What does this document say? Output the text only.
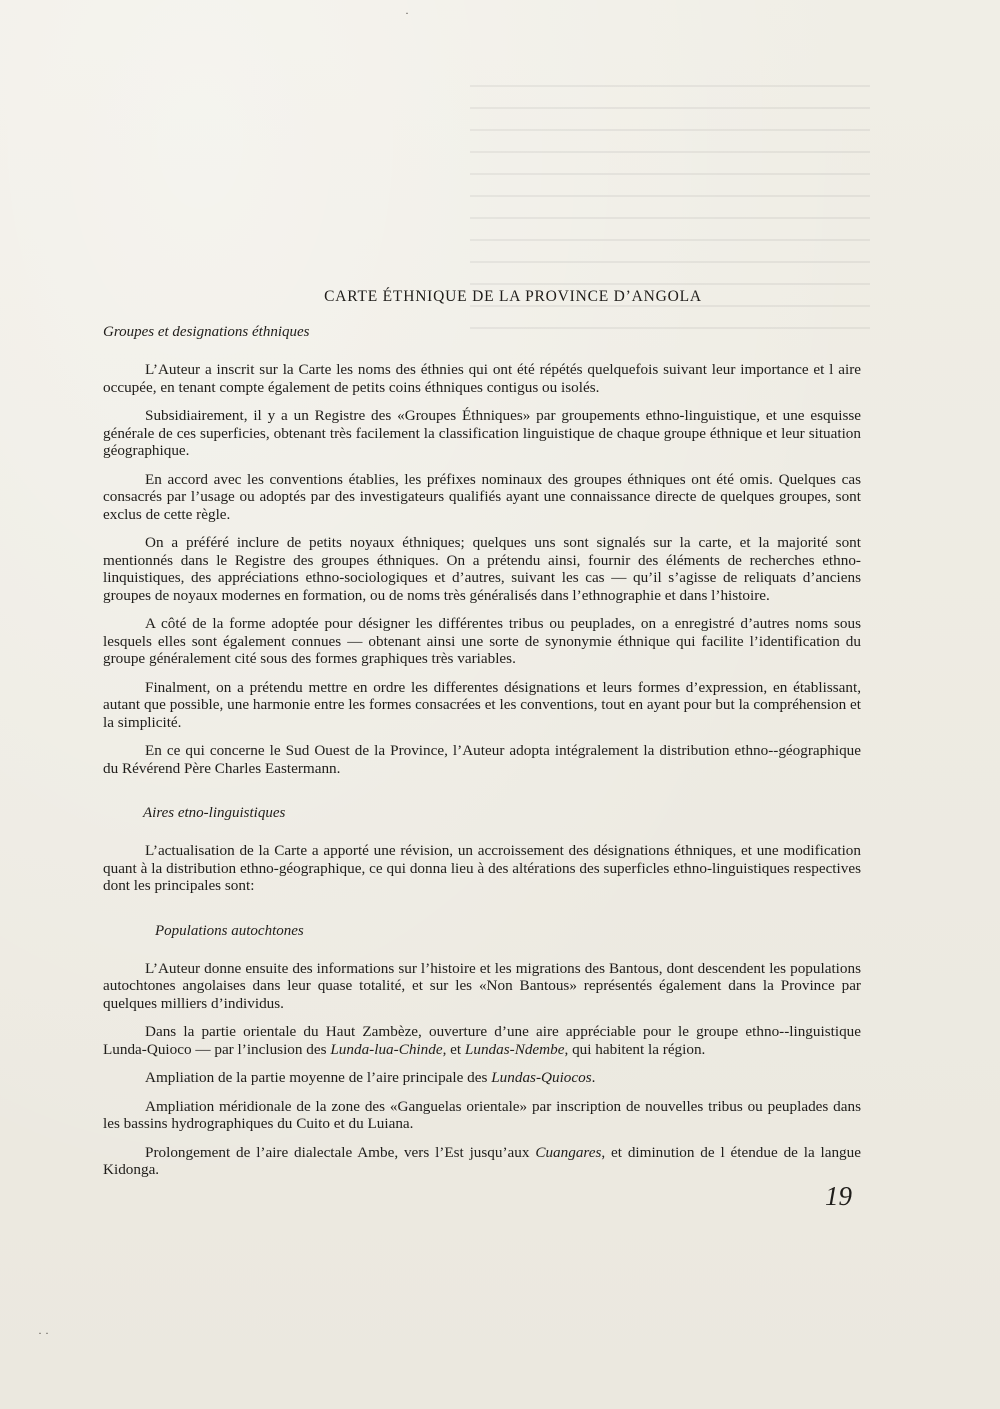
·
· ·
CARTE ÉTHNIQUE DE LA PROVINCE D’ANGOLA
Groupes et designations éthniques

L’Auteur a inscrit sur la Carte les noms des éthnies qui ont été répétés quelquefois suivant leur importance et l aire occupée, en tenant compte également de petits coins éthniques contigus ou isolés.

Subsidiairement, il y a un Registre des «Groupes Éthniques» par groupements ethno-linguistique, et une esquisse générale de ces superficies, obtenant très facilement la classification linguistique de chaque groupe éthnique et leur situation géographique.

En accord avec les conventions établies, les préfixes nominaux des groupes éthniques ont été omis. Quelques cas consacrés par l’usage ou adoptés par des investigateurs qualifiés ayant une connaissance directe de quelques groupes, sont exclus de cette règle.

On a préféré inclure de petits noyaux éthniques; quelques uns sont signalés sur la carte, et la majorité sont mentionnés dans le Registre des groupes éthniques. On a prétendu ainsi, fournir des éléments de recherches ethno-linquistiques, des appréciations ethno-sociologiques et d’autres, suivant les cas — qu’il s’agisse de reliquats d’anciens groupes de noyaux modernes en formation, ou de noms très généralisés dans l’ethnographie et dans l’histoire.

A côté de la forme adoptée pour désigner les différentes tribus ou peuplades, on a enregistré d’autres noms sous lesquels elles sont également connues — obtenant ainsi une sorte de synonymie éthnique qui facilite l’identification du groupe généralement cité sous des formes graphiques très variables.

Finalment, on a prétendu mettre en ordre les differentes désignations et leurs formes d’expression, en établissant, autant que possible, une harmonie entre les formes consacrées et les conventions, tout en ayant pour but la compréhension et la simplicité.

En ce qui concerne le Sud Ouest de la Province, l’Auteur adopta intégralement la distribution ethno--géographique du Révérend Père Charles Eastermann.

Aires etno-linguistiques

L’actualisation de la Carte a apporté une révision, un accroissement des désignations éthniques, et une modification quant à la distribution ethno-géographique, ce qui donna lieu à des altérations des superficles ethno-linguistiques respectives dont les principales sont:

Populations autochtones

L’Auteur donne ensuite des informations sur l’histoire et les migrations des Bantous, dont descendent les populations autochtones angolaises dans leur quase totalité, et sur les «Non Bantous» représentés également dans la Province par quelques milliers d’individus.

Dans la partie orientale du Haut Zambèze, ouverture d’une aire appréciable pour le groupe ethno--linguistique Lunda-Quioco — par l’inclusion des Lunda-lua-Chinde, et Lundas-Ndembe, qui habitent la région.

Ampliation de la partie moyenne de l’aire principale des Lundas-Quiocos.

Ampliation méridionale de la zone des «Ganguelas orientale» par inscription de nouvelles tribus ou peuplades dans les bassins hydrographiques du Cuito et du Luiana.

Prolongement de l’aire dialectale Ambe, vers l’Est jusqu’aux Cuangares, et diminution de l étendue de la langue Kidonga.

19
